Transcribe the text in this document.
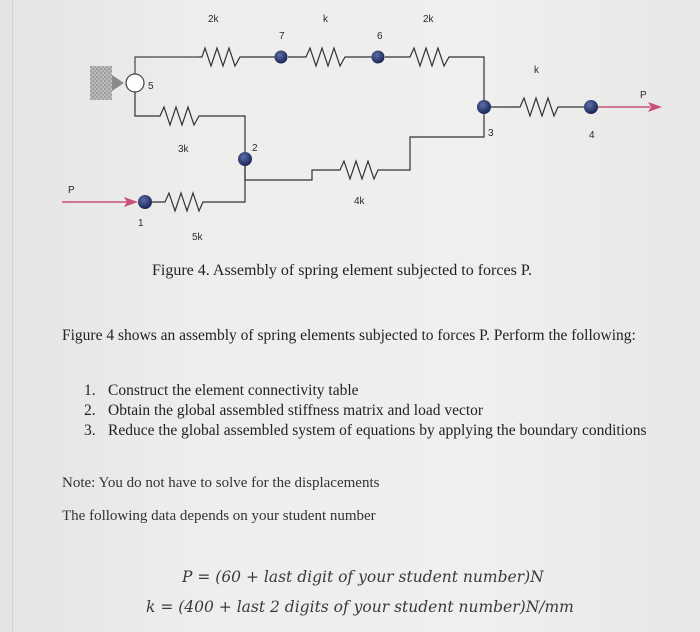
5
2k
7
k
6
2k
3
k
4
P
3k	2
4k
P
1
5k
Figure 4. Assembly of spring element subjected to forces P.
Figure 4 shows an assembly of spring elements subjected to forces P. Perform the following:
1. Construct the element connectivity table
2. Obtain the global assembled stiffness matrix and load vector
3. Reduce the global assembled system of equations by applying the boundary conditions
Note: You do not have to solve for the displacements
The following data depends on your student number
P = (60 + last digit of your student number)N
k = (400 + last 2 digits of your student number)N/mm
